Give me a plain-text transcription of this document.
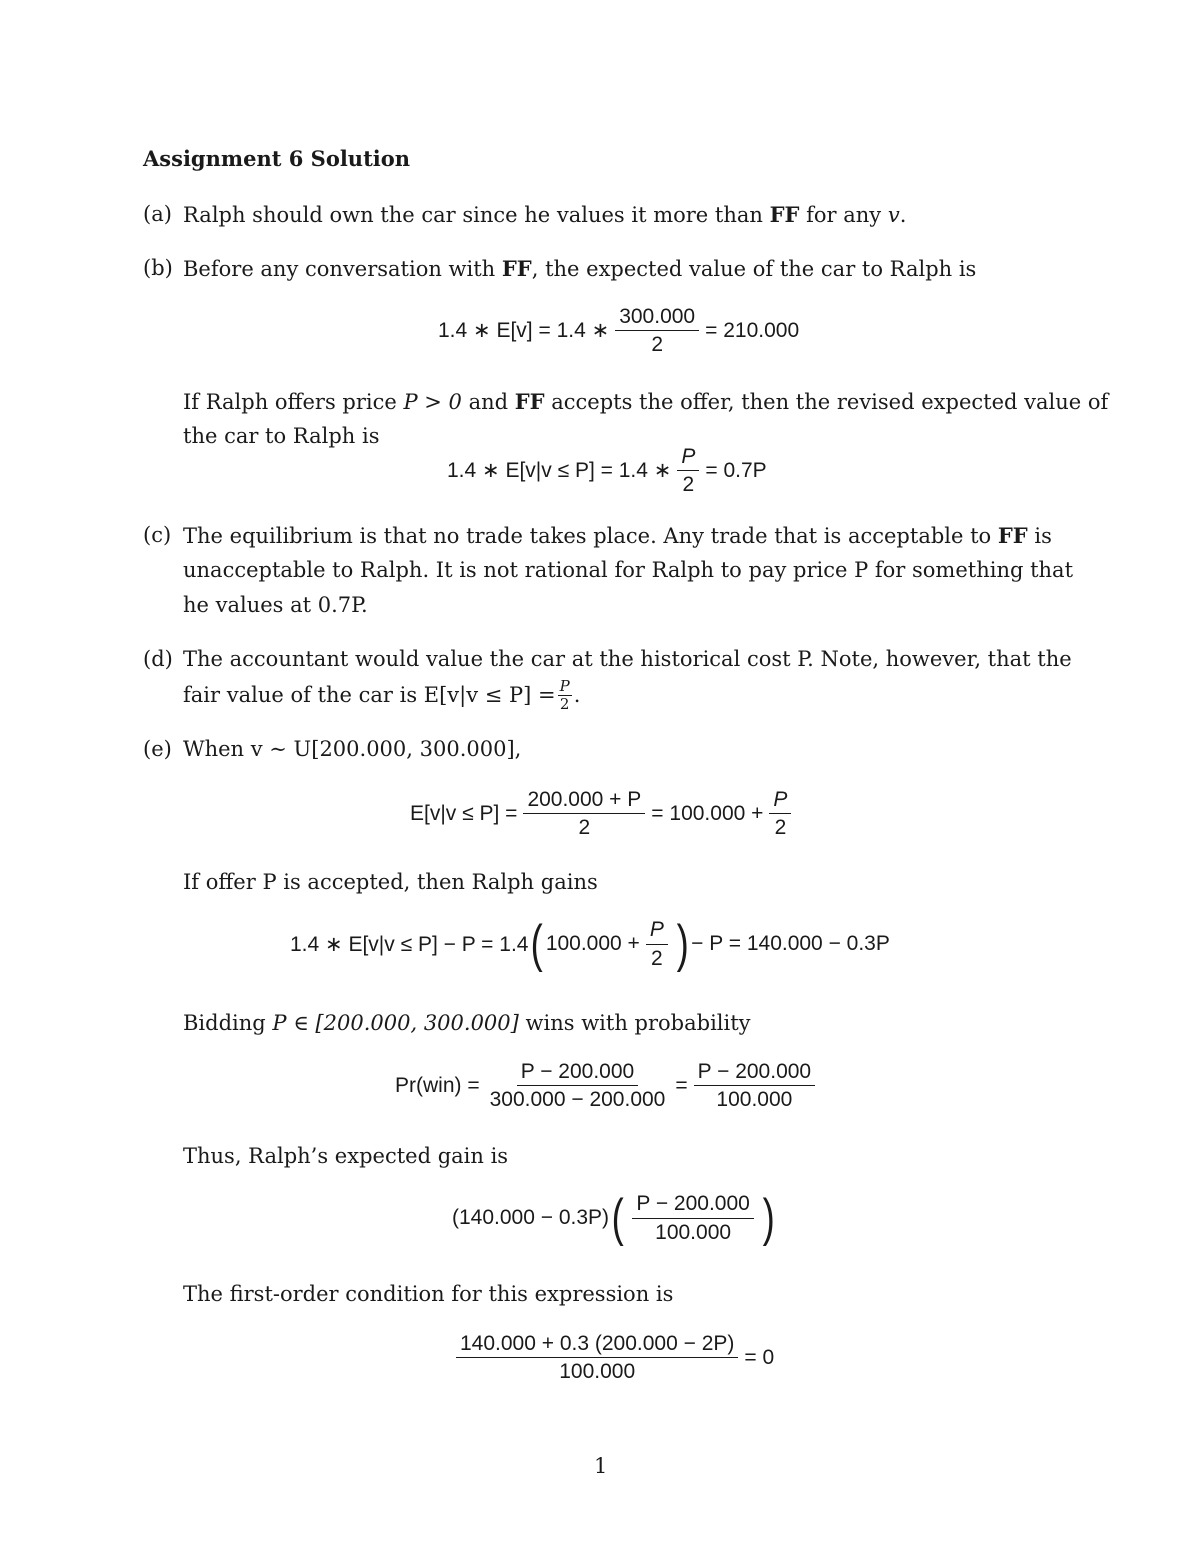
Assignment 6 Solution
(a) Ralph should own the car since he values it more than FF for any v.
(b) Before any conversation with FF, the expected value of the car to Ralph is
1.4 ∗ E[v] = 1.4 ∗ $\frac{300.000}{2} = 210.000$
If Ralph offers price P > 0 and FF accepts the offer, then the revised expected value of
the car to Ralph is
1.4 ∗ E[v|v ≤ P] = 1.4 ∗ $\frac{P}{2} = 0.7P$
(c) The equilibrium is that no trade takes place. Any trade that is acceptable to FF is
unacceptable to Ralph. It is not rational for Ralph to pay price P for something that
he values at 0.7P.
(d) The accountant would value the car at the historical cost P. Note, however, that the
fair value of the car is $E[v|v \le P] = \frac{P}{2}$ .
(e) When v ∼ U[200.000, 300.000],
$E[v|v \le P] = \frac{200.000 + P}{2} = 100.000 + \frac{P}{2}$
If offer P is accepted, then Ralph gains
1.4 ∗ E[v|v ≤ P] − P = 1.4 ( $100.000 + \frac{P}{2}$ ) − P = 140.000 − 0.3P
Bidding P ∈ [200.000, 300.000] wins with probability
$Pr(win) = \frac{P - 200.000}{300.000 - 200.000} = \frac{P - 200.000}{100.000}$
Thus, Ralph’s expected gain is
(140.000 − 0.3P) ( $\frac{P - 200.000}{100.000}$ )
The first-order condition for this expression is
$\frac{140.000 + 0.3 (200.000 - 2P)}{100.000} = 0$
1
